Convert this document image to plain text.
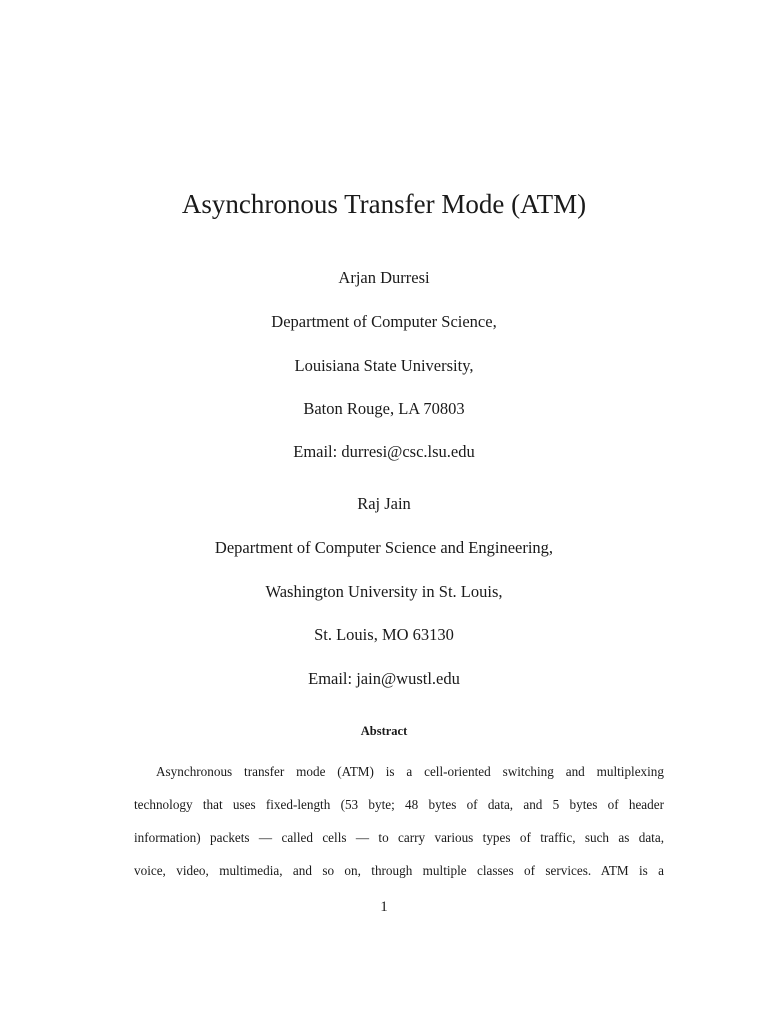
Asynchronous Transfer Mode (ATM)
Arjan Durresi
Department of Computer Science,
Louisiana State University,
Baton Rouge, LA 70803
Email: durresi@csc.lsu.edu
Raj Jain
Department of Computer Science and Engineering,
Washington University in St. Louis,
St. Louis, MO 63130
Email: jain@wustl.edu
Abstract
Asynchronous transfer mode (ATM) is a cell-oriented switching and multiplexing
technology that uses fixed-length (53 byte; 48 bytes of data, and 5 bytes of header
information) packets — called cells — to carry various types of traffic, such as data,
voice, video, multimedia, and so on, through multiple classes of services. ATM is a
1
